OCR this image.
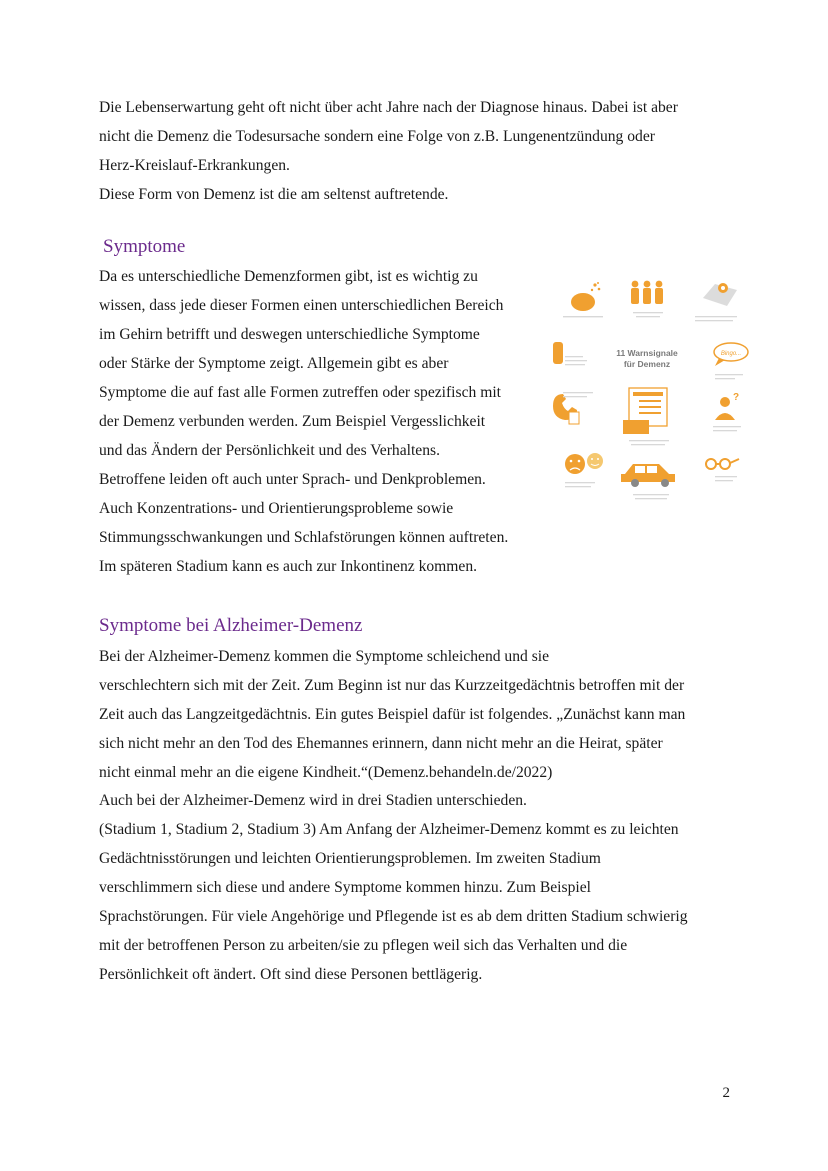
Die Lebenserwartung geht oft nicht über acht Jahre nach der Diagnose hinaus. Dabei ist aber
nicht die Demenz die Todesursache sondern eine Folge von z.B. Lungenentzündung oder
Herz-Kreislauf-Erkrankungen.
Diese Form von Demenz ist die am seltenst auftretende.
Symptome
Da es unterschiedliche Demenzformen gibt, ist es wichtig zu
wissen, dass jede dieser Formen einen unterschiedlichen Bereich
im Gehirn betrifft und deswegen unterschiedliche Symptome
oder Stärke der Symptome zeigt. Allgemein gibt es aber
Symptome die auf fast alle Formen zutreffen oder spezifisch mit
der Demenz verbunden werden. Zum Beispiel Vergesslichkeit
und das Ändern der Persönlichkeit und des Verhaltens.
Betroffene leiden oft auch unter Sprach- und Denkproblemen.
Auch Konzentrations- und Orientierungsprobleme sowie
Stimmungsschwankungen und Schlafstörungen können auftreten.
Im späteren Stadium kann es auch zur Inkontinenz kommen.
11 Warnsignale
für Demenz
Bingo...
?
Symptome bei Alzheimer-Demenz
Bei der Alzheimer-Demenz kommen die Symptome schleichend und sie
verschlechtern sich mit der Zeit. Zum Beginn ist nur das Kurzzeitgedächtnis betroffen mit der
Zeit auch das Langzeitgedächtnis. Ein gutes Beispiel dafür ist folgendes. „Zunächst kann man
sich nicht mehr an den Tod des Ehemannes erinnern, dann nicht mehr an die Heirat, später
nicht einmal mehr an die eigene Kindheit.“(Demenz.behandeln.de/2022)
Auch bei der Alzheimer-Demenz wird in drei Stadien unterschieden.
(Stadium 1, Stadium 2, Stadium 3) Am Anfang der Alzheimer-Demenz kommt es zu leichten
Gedächtnisstörungen und leichten Orientierungsproblemen. Im zweiten Stadium
verschlimmern sich diese und andere Symptome kommen hinzu. Zum Beispiel
Sprachstörungen. Für viele Angehörige und Pflegende ist es ab dem dritten Stadium schwierig
mit der betroffenen Person zu arbeiten/sie zu pflegen weil sich das Verhalten und die
Persönlichkeit oft ändert. Oft sind diese Personen bettlägerig.
2
